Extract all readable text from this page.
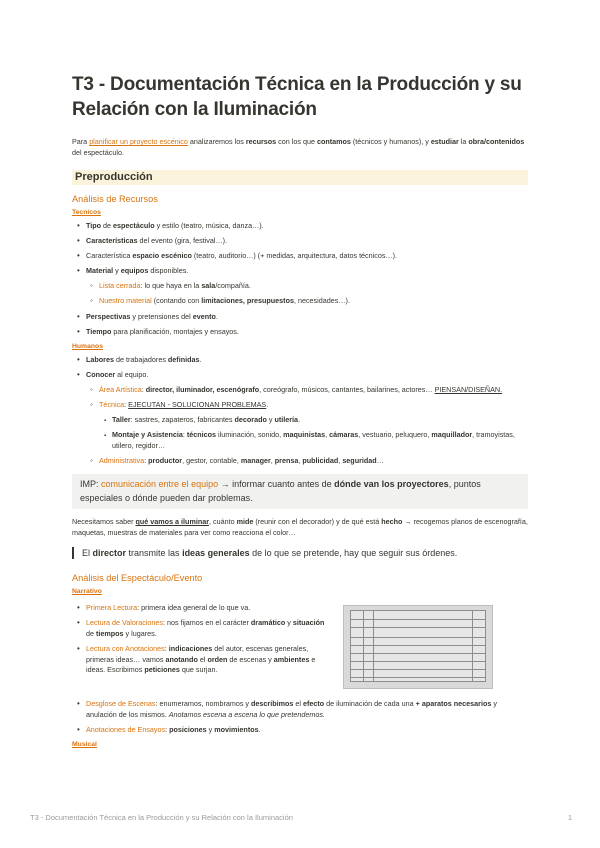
T3 - Documentación Técnica en la Producción y su Relación con la Iluminación

Para planificar un proyecto escénico analizaremos los recursos con los que contamos (técnicos y humanos), y estudiar la obra/contenidos del espectáculo.

Preproducción
Análisis de Recursos
Tecnicos
• Tipo de espectáculo y estilo (teatro, música, danza…).
• Características del evento (gira, festival…).
• Característica espacio escénico (teatro, auditorio…) (+ medidas, arquitectura, datos técnicos…).
• Material y equipos disponibles.
◦ Lista cerrada: lo que haya en la sala/compañía.
◦ Nuestro material (contando con limitaciones, presupuestos, necesidades…).
• Perspectivas y pretensiones del evento.
• Tiempo para planificación, montajes y ensayos.
Humanos
• Labores de trabajadores definidas.
• Conocer al equipo.
◦ Área Artística: director, iluminador, escenógrafo, coreógrafo, músicos, cantantes, bailarines, actores… PIENSAN/DISEÑAN.
◦ Técnica: EJECUTAN - SOLUCIONAN PROBLEMAS.
▪ Taller: sastres, zapateros, fabricantes decorado y utilería.
▪ Montaje y Asistencia: técnicos iluminación, sonido, maquinistas, cámaras, vestuario, peluquero, maquillador, tramoyistas, utilero, regidor…
◦ Administrativa: productor, gestor, contable, manager, prensa, publicidad, seguridad…
IMP: comunicación entre el equipo → informar cuanto antes de dónde van los proyectores, puntos especiales o dónde pueden dar problemas.

Necesitamos saber qué vamos a iluminar, cuánto mide (reunir con el decorador) y de qué está hecho → recogemos planos de escenografía, maquetas, muestras de materiales para ver como reacciona el color…

El director transmite las ideas generales de lo que se pretende, hay que seguir sus órdenes.
Análisis del Espectáculo/Evento
Narrativo
• Primera Lectura: primera idea general de lo que va.
• Lectura de Valoraciones: nos fijamos en el carácter dramático y situación de tiempos y lugares.
• Lectura con Anotaciones: indicaciones del autor, escenas generales, primeras ideas… vamos anotando el orden de escenas y ambientes e ideas. Escribimos peticiones que surjan.
• Desglose de Escenas: enumeramos, nombramos y describimos el efecto de iluminación de cada una + aparatos necesarios y anulación de los mismos. Anotamos escena a escena lo que pretendemos.
• Anotaciones de Ensayos: posiciones y movimientos.
Musical
T3 - Documentación Técnica en la Producción y su Relación con la Iluminación	1
